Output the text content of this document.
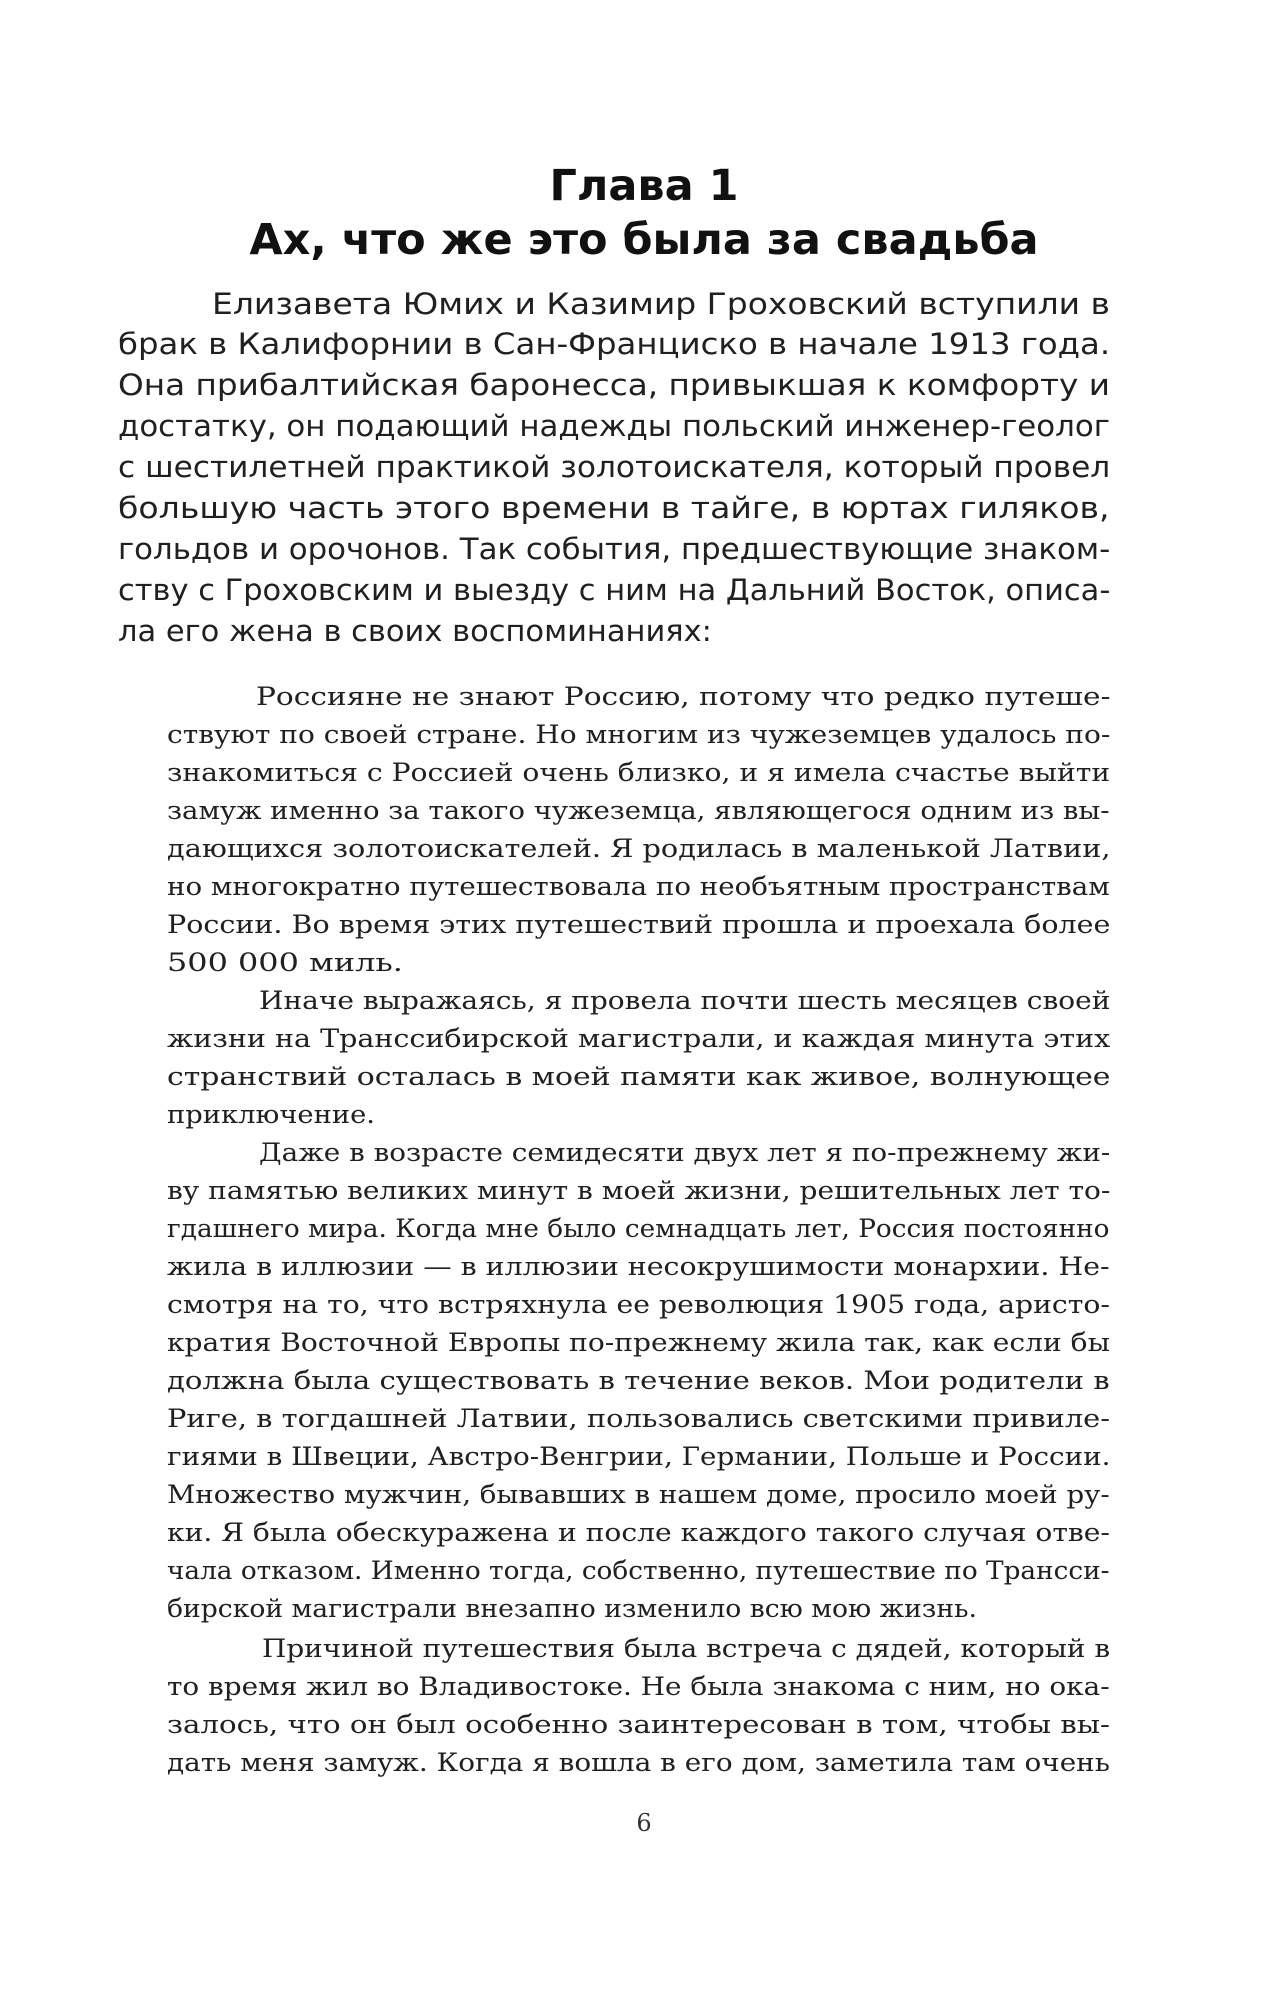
Глава 1
Ах, что же это была за свадьба
Елизавета Юмих и Казимир Гроховский вступили в
брак в Калифорнии в Сан-Франциско в начале 1913 года.
Она прибалтийская баронесса, привыкшая к комфорту и
достатку, он подающий надежды польский инженер-геолог
с шестилетней практикой золотоискателя, который провел
большую часть этого времени в тайге, в юртах гиляков,
гольдов и орочонов. Так события, предшествующие знаком-
ству с Гроховским и выезду с ним на Дальний Восток, описа-
ла его жена в своих воспоминаниях:
Россияне не знают Россию, потому что редко путеше-
ствуют по своей стране. Но многим из чужеземцев удалось по-
знакомиться с Россией очень близко, и я имела счастье выйти
замуж именно за такого чужеземца, являющегося одним из вы-
дающихся золотоискателей. Я родилась в маленькой Латвии,
но многократно путешествовала по необъятным пространствам
России. Во время этих путешествий прошла и проехала более
500 000 миль.
Иначе выражаясь, я провела почти шесть месяцев своей
жизни на Транссибирской магистрали, и каждая минута этих
странствий осталась в моей памяти как живое, волнующее
приключение.
Даже в возрасте семидесяти двух лет я по-прежнему жи-
ву памятью великих минут в моей жизни, решительных лет то-
гдашнего мира. Когда мне было семнадцать лет, Россия постоянно
жила в иллюзии — в иллюзии несокрушимости монархии. Не-
смотря на то, что встряхнула ее революция 1905 года, аристо-
кратия Восточной Европы по-прежнему жила так, как если бы
должна была существовать в течение веков. Мои родители в
Риге, в тогдашней Латвии, пользовались светскими привиле-
гиями в Швеции, Австро-Венгрии, Германии, Польше и России.
Множество мужчин, бывавших в нашем доме, просило моей ру-
ки. Я была обескуражена и после каждого такого случая отве-
чала отказом. Именно тогда, собственно, путешествие по Трансси-
бирской магистрали внезапно изменило всю мою жизнь.
Причиной путешествия была встреча с дядей, который в
то время жил во Владивостоке. Не была знакома с ним, но ока-
залось, что он был особенно заинтересован в том, чтобы вы-
дать меня замуж. Когда я вошла в его дом, заметила там очень
6
